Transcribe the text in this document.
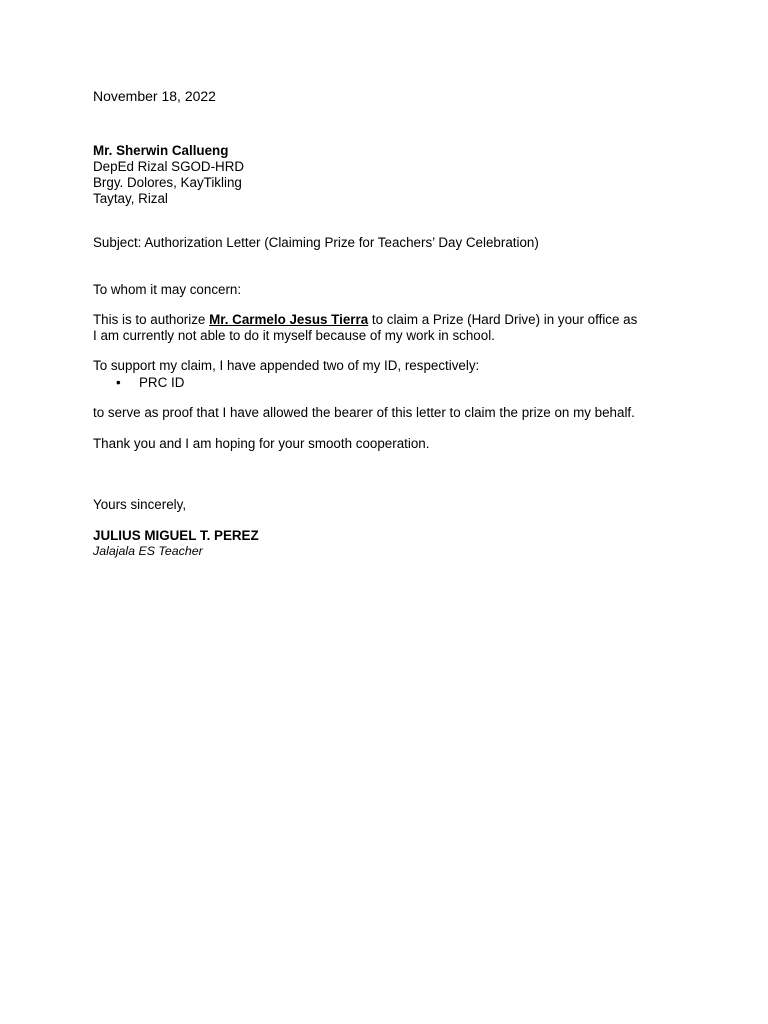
November 18, 2022
Mr. Sherwin Callueng
DepEd Rizal SGOD-HRD
Brgy. Dolores, KayTikling
Taytay, Rizal
Subject: Authorization Letter (Claiming Prize for Teachers’ Day Celebration)
To whom it may concern:
This is to authorize Mr. Carmelo Jesus Tierra to claim a Prize (Hard Drive) in your office as
I am currently not able to do it myself because of my work in school.
To support my claim, I have appended two of my ID, respectively:
• PRC ID
to serve as proof that I have allowed the bearer of this letter to claim the prize on my behalf.
Thank you and I am hoping for your smooth cooperation.
Yours sincerely,
JULIUS MIGUEL T. PEREZ
Jalajala ES Teacher
